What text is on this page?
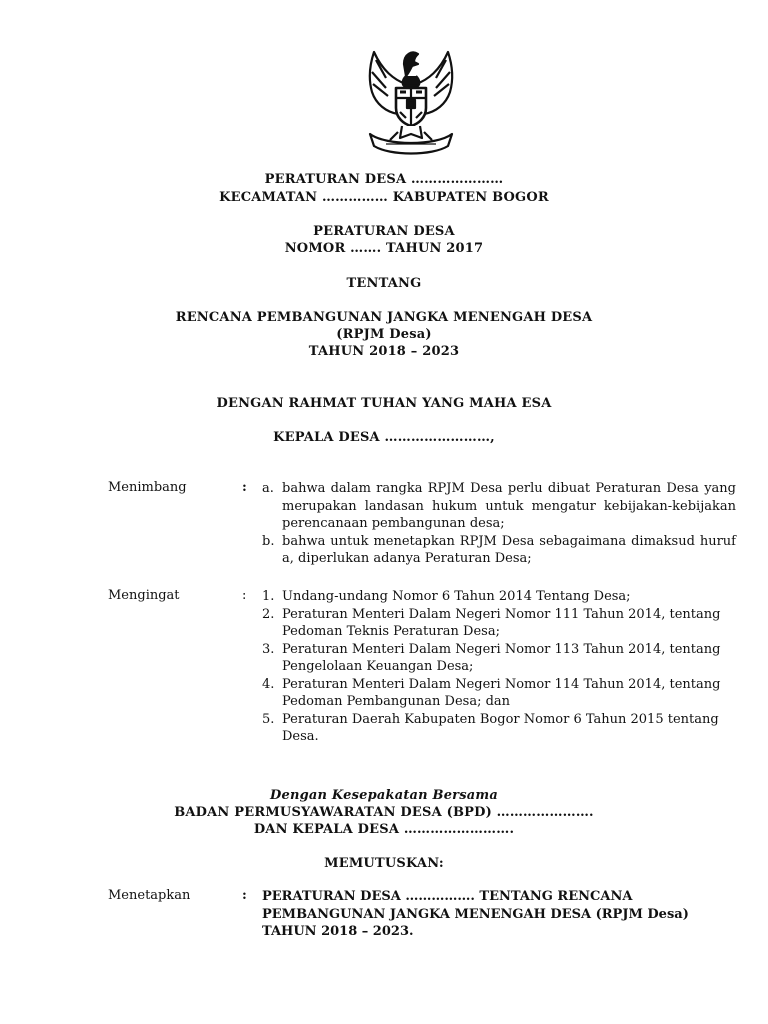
PERATURAN DESA …………………
KECAMATAN …………… KABUPATEN BOGOR
PERATURAN DESA
NOMOR ……. TAHUN 2017
TENTANG
RENCANA PEMBANGUNAN JANGKA MENENGAH DESA
(RPJM Desa)
TAHUN 2018 – 2023
DENGAN RAHMAT TUHAN YANG MAHA ESA
KEPALA DESA ……………………,
Menimbang	: a. bahwa dalam rangka RPJM Desa perlu dibuat Peraturan Desa yang merupakan landasan hukum untuk mengatur kebijakan-kebijakan perencanaan pembangunan desa;
b. bahwa untuk menetapkan RPJM Desa sebagaimana dimaksud huruf a, diperlukan adanya Peraturan Desa;
Mengingat	: 1. Undang-undang Nomor 6 Tahun 2014 Tentang Desa;
2. Peraturan Menteri Dalam Negeri Nomor 111 Tahun 2014, tentang Pedoman Teknis Peraturan Desa;
3. Peraturan Menteri Dalam Negeri Nomor 113 Tahun 2014, tentang Pengelolaan Keuangan Desa;
4. Peraturan Menteri Dalam Negeri Nomor 114 Tahun 2014, tentang Pedoman Pembangunan Desa; dan
5. Peraturan Daerah Kabupaten Bogor Nomor 6 Tahun 2015 tentang Desa.
Dengan Kesepakatan Bersama
BADAN PERMUSYAWARATAN DESA (BPD) ………………….
DAN KEPALA DESA …………………….
MEMUTUSKAN:
Menetapkan	: PERATURAN DESA ……………. TENTANG RENCANA PEMBANGUNAN JANGKA MENENGAH DESA (RPJM Desa) TAHUN 2018 – 2023.
